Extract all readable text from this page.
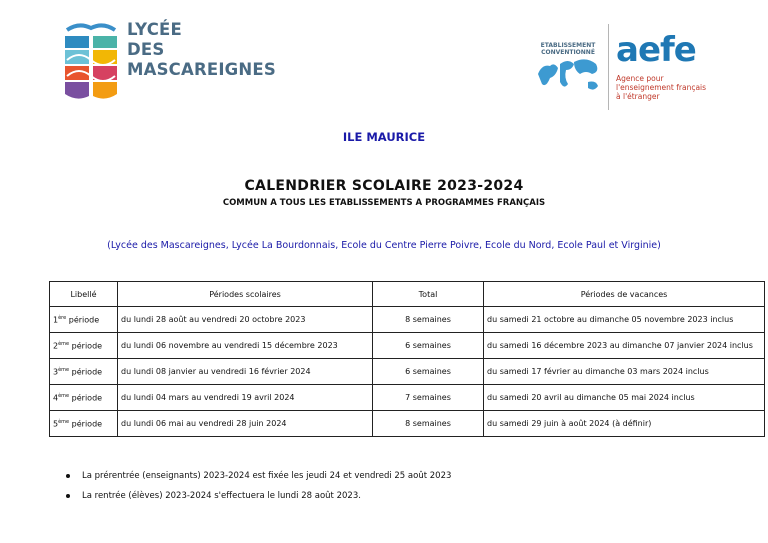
LYCÉE
DES
MASCAREIGNES
ETABLISSEMENT
CONVENTIONNÉ aefe
Agence pour
l'enseignement français
à l'étranger
ILE MAURICE
CALENDRIER SCOLAIRE 2023-2024
COMMUN A TOUS LES ETABLISSEMENTS A PROGRAMMES FRANÇAIS
(Lycée des Mascareignes, Lycée La Bourdonnais, Ecole du Centre Pierre Poivre, Ecole du Nord, Ecole Paul et Virginie)
Libellé	Périodes scolaires	Total	Périodes de vacances
1ère période	du lundi 28 août au vendredi 20 octobre 2023	8 semaines	du samedi 21 octobre au dimanche 05 novembre 2023 inclus
2ème période	du lundi 06 novembre au vendredi 15 décembre 2023	6 semaines	du samedi 16 décembre 2023 au dimanche 07 janvier 2024 inclus
3ème période	du lundi 08 janvier au vendredi 16 février 2024	6 semaines	du samedi 17 février au dimanche 03 mars 2024 inclus
4ème période	du lundi 04 mars au vendredi 19 avril 2024	7 semaines	du samedi 20 avril au dimanche 05 mai 2024 inclus
5ème période	du lundi 06 mai au vendredi 28 juin 2024	8 semaines	du samedi 29 juin à août 2024 (à définir)
La prérentrée (enseignants) 2023-2024 est fixée les jeudi 24 et vendredi 25 août 2023
La rentrée (élèves) 2023-2024 s'effectuera le lundi 28 août 2023.
